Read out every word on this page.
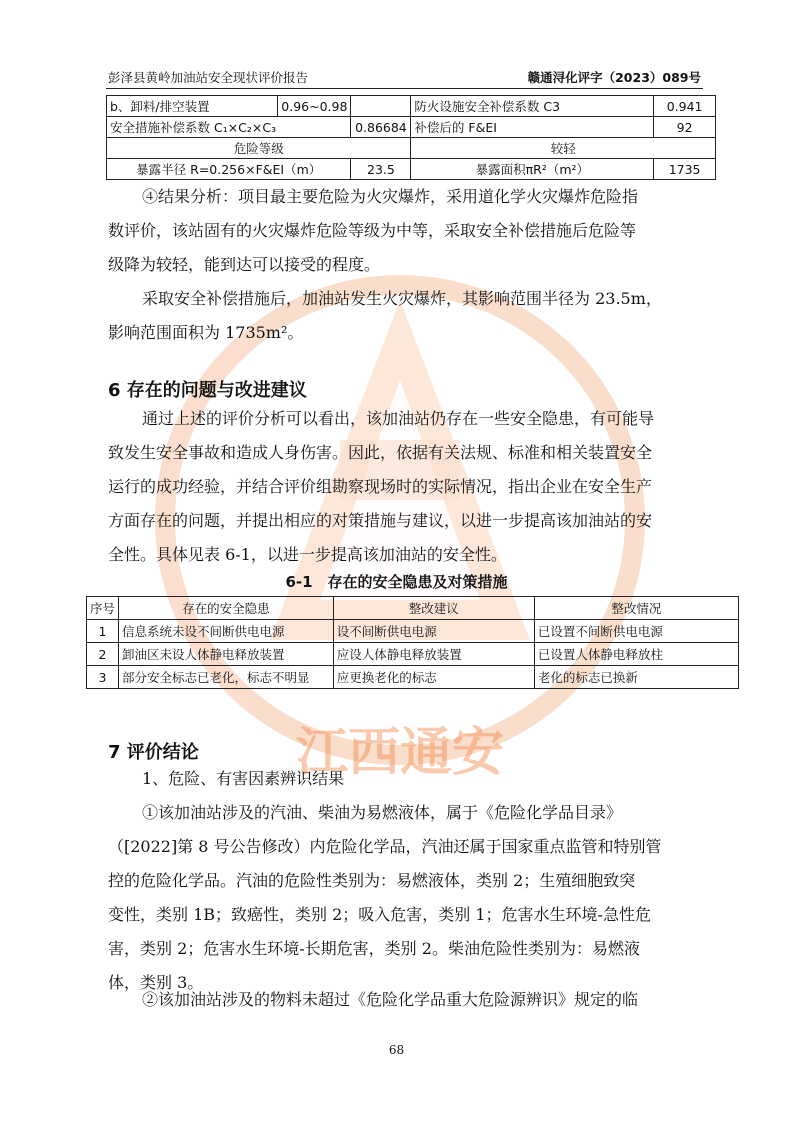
江西通安
彭泽县黄岭加油站安全现状评价报告	赣通浔化评字（2023）089号
b、卸料/排空装置	0.96~0.98		防火设施安全补偿系数 C3	0.941
安全措施补偿系数 C₁×C₂×C₃		0.86684	补偿后的 F&EI	92
危险等级			较轻	
暴露半径 R=0.256×F&EI（m）		23.5	暴露面积πR²（m²）	1735
④结果分析：项目最主要危险为火灾爆炸，采用道化学火灾爆炸危险指
数评价，该站固有的火灾爆炸危险等级为中等，采取安全补偿措施后危险等
级降为较轻，能到达可以接受的程度。
采取安全补偿措施后，加油站发生火灾爆炸，其影响范围半径为 23.5m，
影响范围面积为 1735m²。
6 存在的问题与改进建议
通过上述的评价分析可以看出，该加油站仍存在一些安全隐患，有可能导
致发生安全事故和造成人身伤害。因此，依据有关法规、标准和相关装置安全
运行的成功经验，并结合评价组勘察现场时的实际情况，指出企业在安全生产
方面存在的问题，并提出相应的对策措施与建议，以进一步提高该加油站的安
全性。具体见表 6-1，以进一步提高该加油站的安全性。
6-1　存在的安全隐患及对策措施
序号	存在的安全隐患	整改建议	整改情况
1	信息系统未设不间断供电电源	设不间断供电电源	已设置不间断供电电源
2	卸油区未设人体静电释放装置	应设人体静电释放装置	已设置人体静电释放柱
3	部分安全标志已老化，标志不明显	应更换老化的标志	老化的标志已换新
7 评价结论
1、危险、有害因素辨识结果
①该加油站涉及的汽油、柴油为易燃液体，属于《危险化学品目录》
（[2022]第 8 号公告修改）内危险化学品，汽油还属于国家重点监管和特别管
控的危险化学品。汽油的危险性类别为：易燃液体，类别 2；生殖细胞致突
变性，类别 1B；致癌性，类别 2；吸入危害，类别 1；危害水生环境-急性危
害，类别 2；危害水生环境-长期危害，类别 2。柴油危险性类别为：易燃液
体，类别 3。
②该加油站涉及的物料未超过《危险化学品重大危险源辨识》规定的临
68
